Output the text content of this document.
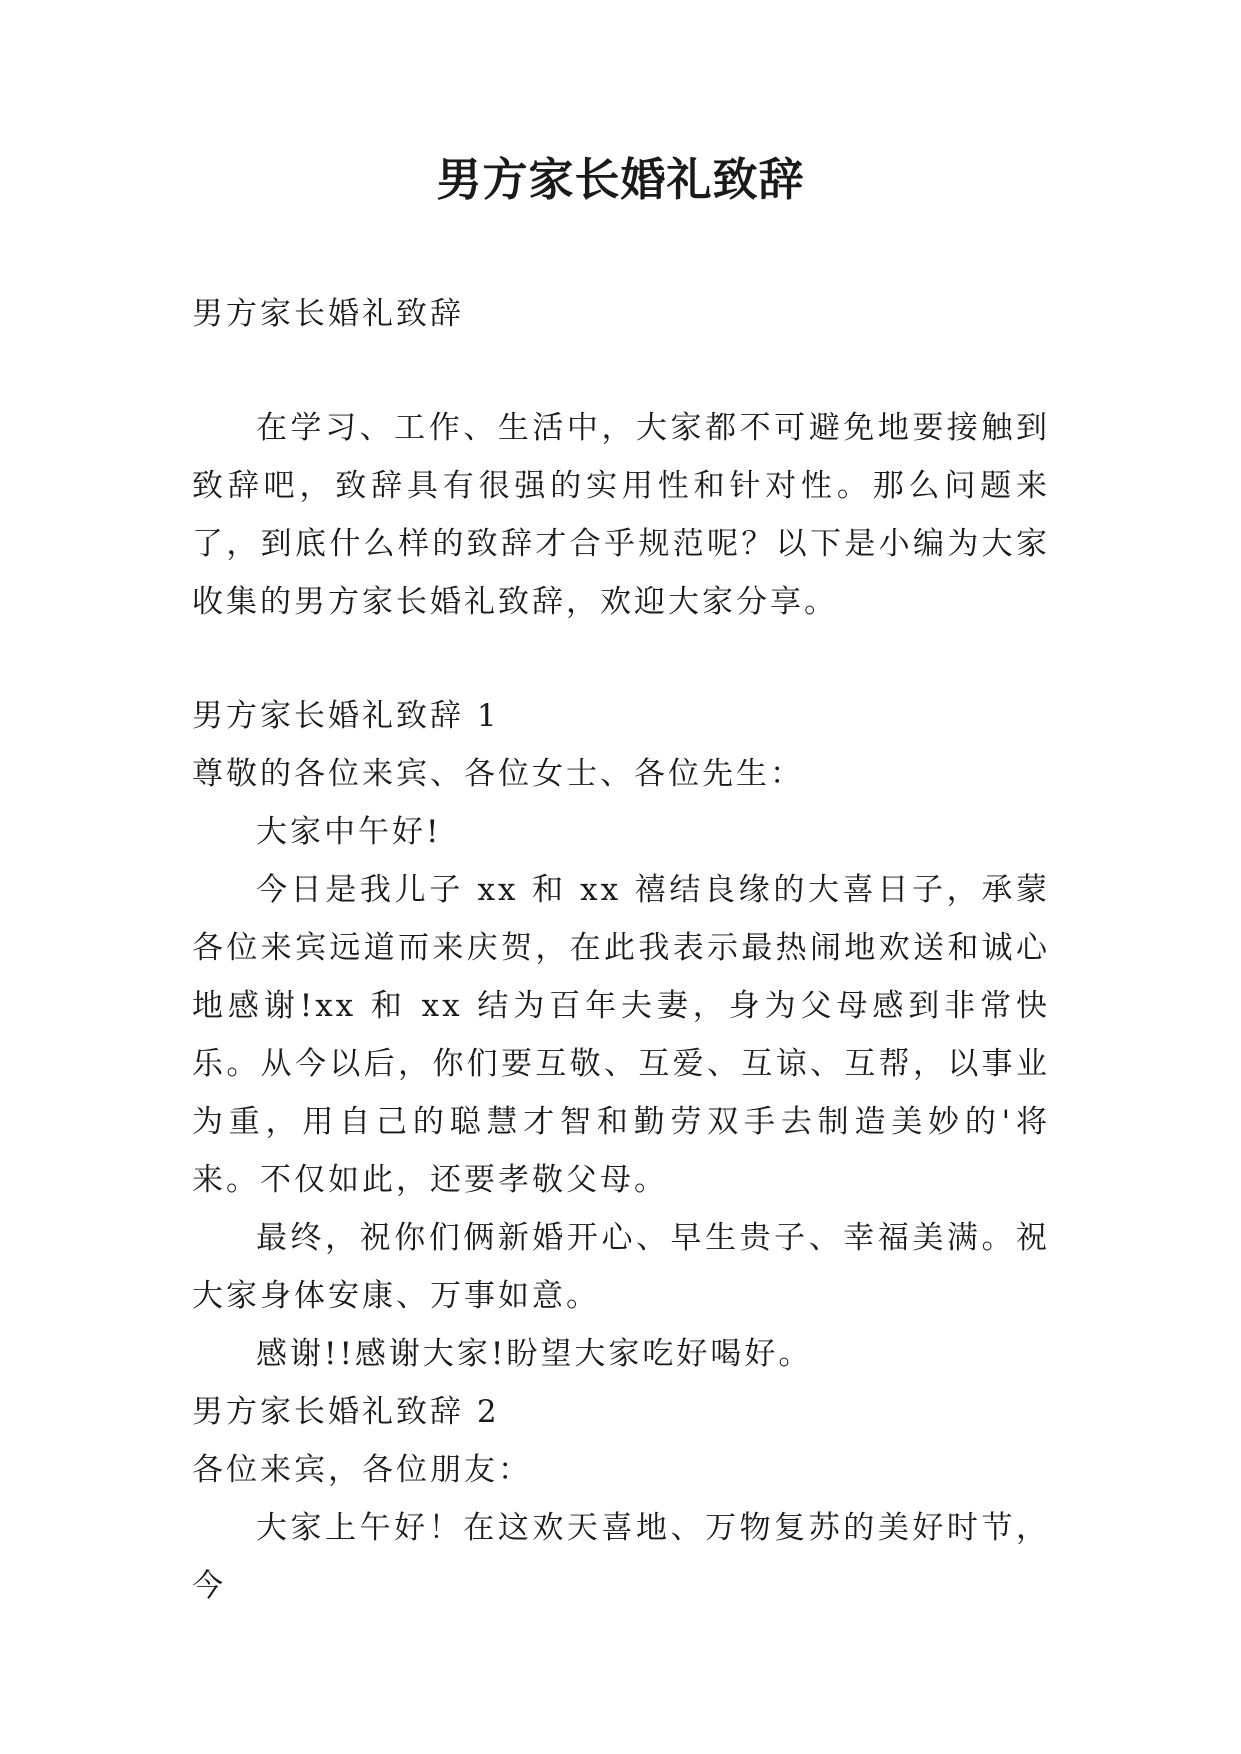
男方家长婚礼致辞

男方家长婚礼致辞

在学习、工作、生活中，大家都不可避免地要接触到致辞吧，致辞具有很强的实用性和针对性。那么问题来了，到底什么样的致辞才合乎规范呢？以下是小编为大家收集的男方家长婚礼致辞，欢迎大家分享。

男方家长婚礼致辞 1

尊敬的各位来宾、各位女士、各位先生：

大家中午好!

今日是我儿子 xx 和 xx 禧结良缘的大喜日子，承蒙各位来宾远道而来庆贺，在此我表示最热闹地欢送和诚心地感谢!xx 和 xx 结为百年夫妻，身为父母感到非常快乐。从今以后，你们要互敬、互爱、互谅、互帮，以事业为重，用自己的聪慧才智和勤劳双手去制造美妙的'将来。不仅如此，还要孝敬父母。

最终，祝你们俩新婚开心、早生贵子、幸福美满。祝大家身体安康、万事如意。

感谢!!感谢大家!盼望大家吃好喝好。

男方家长婚礼致辞 2

各位来宾，各位朋友：

大家上午好！在这欢天喜地、万物复苏的美好时节，今
